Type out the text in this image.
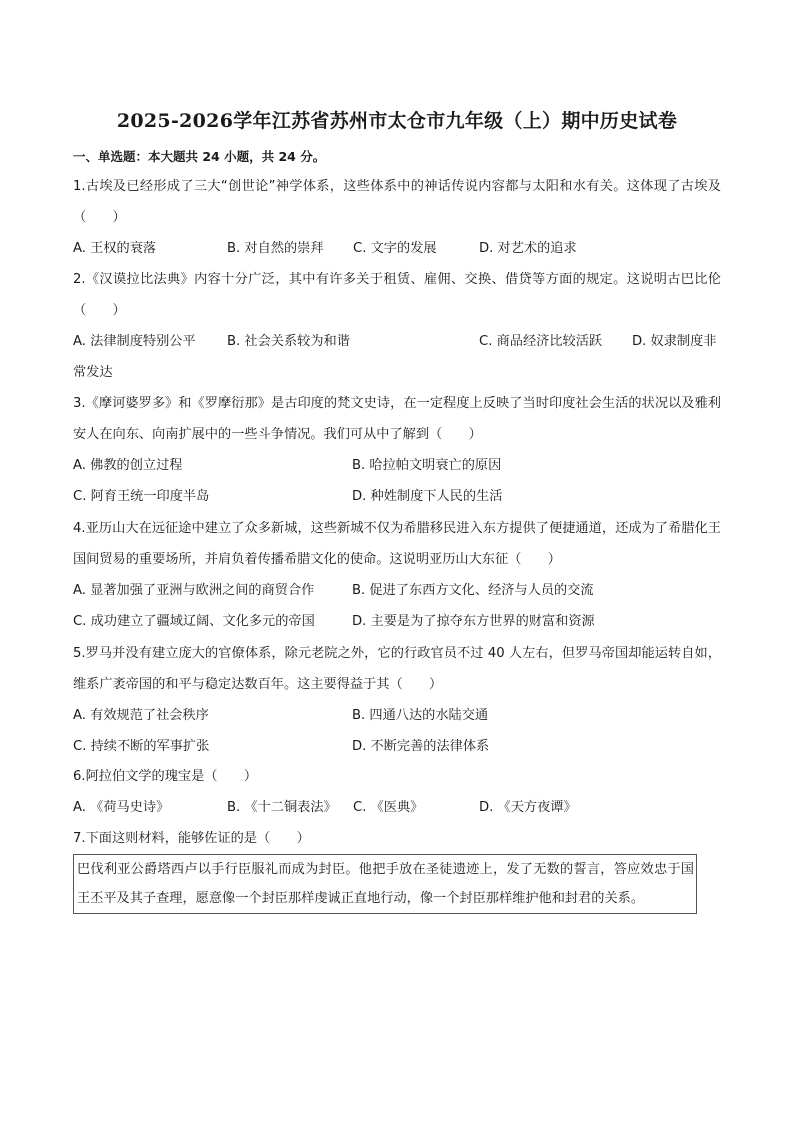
2025-2026学年江苏省苏州市太仓市九年级（上）期中历史试卷
一、单选题：本大题共 24 小题，共 24 分。
1.古埃及已经形成了三大“创世论”神学体系，这些体系中的神话传说内容都与太阳和水有关。这体现了古埃及（　　）
A. 王权的衰落	B. 对自然的崇拜	C. 文字的发展	D. 对艺术的追求
2.《汉谟拉比法典》内容十分广泛，其中有许多关于租赁、雇佣、交换、借贷等方面的规定。这说明古巴比伦（　　）
A. 法律制度特别公平	B. 社会关系较为和谐	C. 商品经济比较活跃	D. 奴隶制度非
常发达
3.《摩诃婆罗多》和《罗摩衍那》是古印度的梵文史诗，在一定程度上反映了当时印度社会生活的状况以及雅利安人在向东、向南扩展中的一些斗争情况。我们可从中了解到（　　）
A. 佛教的创立过程	B. 哈拉帕文明衰亡的原因
C. 阿育王统一印度半岛	D. 种姓制度下人民的生活
4.亚历山大在远征途中建立了众多新城，这些新城不仅为希腊移民进入东方提供了便捷通道，还成为了希腊化王国间贸易的重要场所，并肩负着传播希腊文化的使命。这说明亚历山大东征（　　）
A. 显著加强了亚洲与欧洲之间的商贸合作	B. 促进了东西方文化、经济与人员的交流
C. 成功建立了疆域辽阔、文化多元的帝国	D. 主要是为了掠夺东方世界的财富和资源
5.罗马并没有建立庞大的官僚体系，除元老院之外，它的行政官员不过 40 人左右，但罗马帝国却能运转自如，维系广袤帝国的和平与稳定达数百年。这主要得益于其（　　）
A. 有效规范了社会秩序	B. 四通八达的水陆交通
C. 持续不断的军事扩张	D. 不断完善的法律体系
6.阿拉伯文学的瑰宝是（　　）
A. 《荷马史诗》	B. 《十二铜表法》	C. 《医典》	D. 《天方夜谭》
7.下面这则材料，能够佐证的是（　　）
巴伐利亚公爵塔西卢以手行臣服礼而成为封臣。他把手放在圣徒遗迹上，发了无数的誓言，答应效忠于国王丕平及其子查理，愿意像一个封臣那样虔诚正直地行动，像一个封臣那样维护他和封君的关系。
